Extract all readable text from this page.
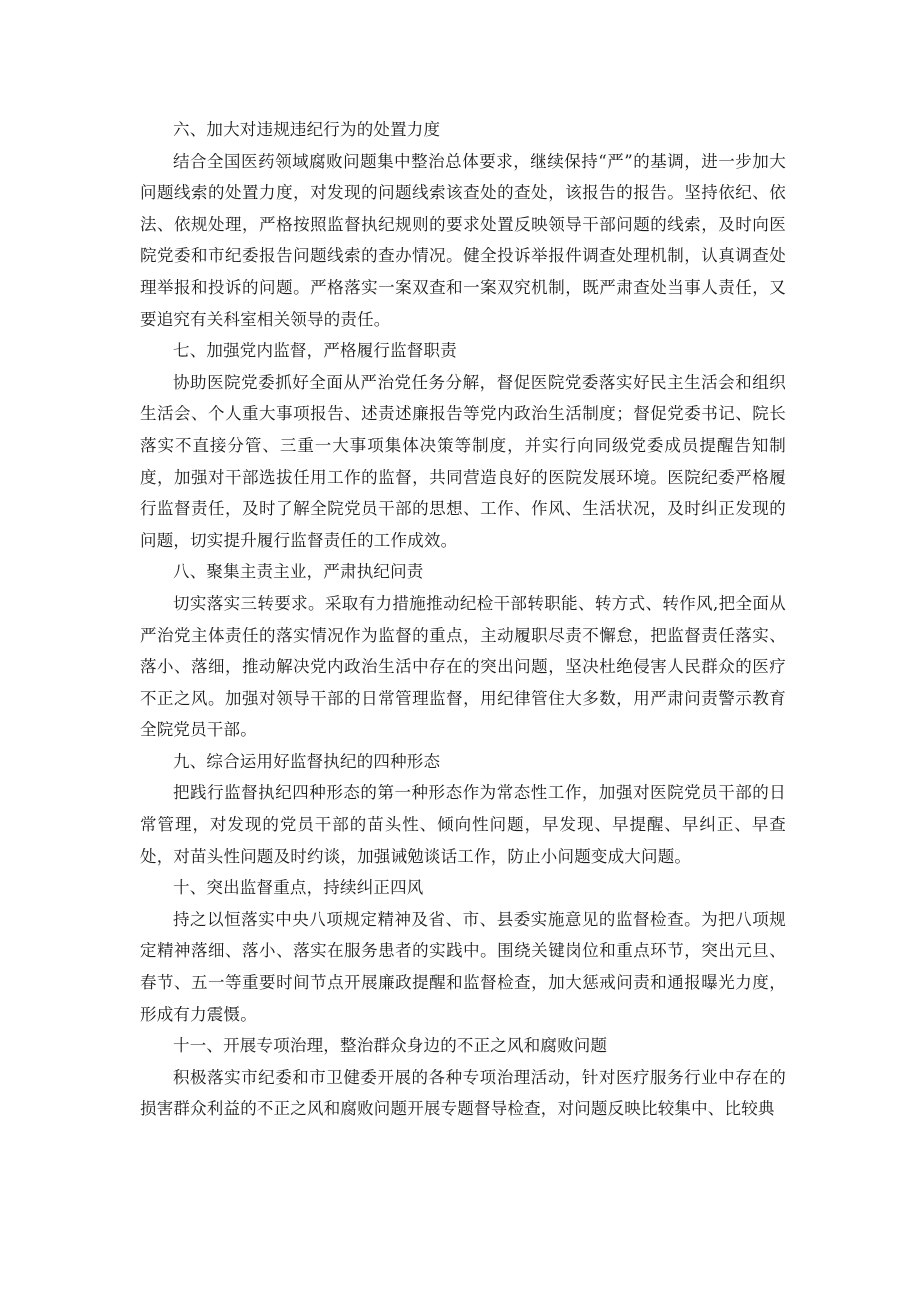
六、加大对违规违纪行为的处置力度

结合全国医药领域腐败问题集中整治总体要求，继续保持“严”的基调，进一步加大问题线索的处置力度，对发现的问题线索该查处的查处，该报告的报告。坚持依纪、依法、依规处理，严格按照监督执纪规则的要求处置反映领导干部问题的线索，及时向医院党委和市纪委报告问题线索的查办情况。健全投诉举报件调查处理机制，认真调查处理举报和投诉的问题。严格落实一案双查和一案双究机制，既严肃查处当事人责任，又要追究有关科室相关领导的责任。

七、加强党内监督，严格履行监督职责

协助医院党委抓好全面从严治党任务分解，督促医院党委落实好民主生活会和组织生活会、个人重大事项报告、述责述廉报告等党内政治生活制度；督促党委书记、院长落实不直接分管、三重一大事项集体决策等制度，并实行向同级党委成员提醒告知制度，加强对干部选拔任用工作的监督，共同营造良好的医院发展环境。医院纪委严格履行监督责任，及时了解全院党员干部的思想、工作、作风、生活状况，及时纠正发现的问题，切实提升履行监督责任的工作成效。

八、聚集主责主业，严肃执纪问责

切实落实三转要求。采取有力措施推动纪检干部转职能、转方式、转作风,把全面从严治党主体责任的落实情况作为监督的重点，主动履职尽责不懈怠，把监督责任落实、落小、落细，推动解决党内政治生活中存在的突出问题，坚决杜绝侵害人民群众的医疗不正之风。加强对领导干部的日常管理监督，用纪律管住大多数，用严肃问责警示教育全院党员干部。

九、综合运用好监督执纪的四种形态

把践行监督执纪四种形态的第一种形态作为常态性工作，加强对医院党员干部的日常管理，对发现的党员干部的苗头性、倾向性问题，早发现、早提醒、早纠正、早查处，对苗头性问题及时约谈，加强诫勉谈话工作，防止小问题变成大问题。

十、突出监督重点，持续纠正四风

持之以恒落实中央八项规定精神及省、市、县委实施意见的监督检查。为把八项规定精神落细、落小、落实在服务患者的实践中。围绕关键岗位和重点环节，突出元旦、春节、五一等重要时间节点开展廉政提醒和监督检查，加大惩戒问责和通报曝光力度，形成有力震慑。

十一、开展专项治理，整治群众身边的不正之风和腐败问题

积极落实市纪委和市卫健委开展的各种专项治理活动，针对医疗服务行业中存在的损害群众利益的不正之风和腐败问题开展专题督导检查，对问题反映比较集中、比较典
